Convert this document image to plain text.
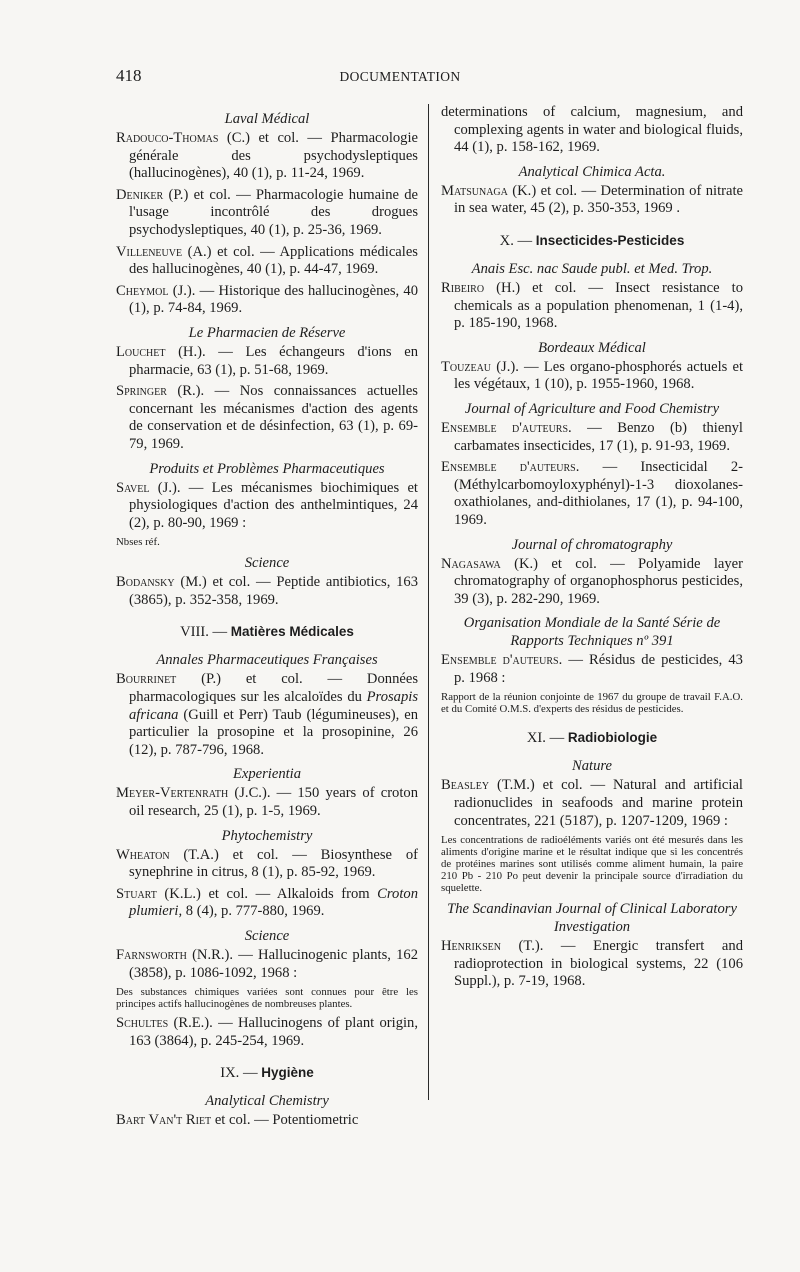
418	DOCUMENTATION
Laval Médical
Radouco-Thomas (C.) et col. — Pharmacologie générale des psychodysleptiques (hallucinogènes), 40 (1), p. 11-24, 1969.
Deniker (P.) et col. — Pharmacologie humaine de l'usage incontrôlé des drogues psychodysleptiques, 40 (1), p. 25-36, 1969.
Villeneuve (A.) et col. — Applications médicales des hallucinogènes, 40 (1), p. 44-47, 1969.
Cheymol (J.). — Historique des hallucinogènes, 40 (1), p. 74-84, 1969.
Le Pharmacien de Réserve
Louchet (H.). — Les échangeurs d'ions en pharmacie, 63 (1), p. 51-68, 1969.
Springer (R.). — Nos connaissances actuelles concernant les mécanismes d'action des agents de conservation et de désinfection, 63 (1), p. 69-79, 1969.
Produits et Problèmes Pharmaceutiques
Savel (J.). — Les mécanismes biochimiques et physiologiques d'action des anthelmintiques, 24 (2), p. 80-90, 1969 :
Nbses réf.
Science
Bodansky (M.) et col. — Peptide antibiotics, 163 (3865), p. 352-358, 1969.
VIII. — Matières Médicales
Annales Pharmaceutiques Françaises
Bourrinet (P.) et col. — Données pharmacologiques sur les alcaloïdes du Prosapis africana (Guill et Perr) Taub (légumineuses), en particulier la prosopine et la prosopinine, 26 (12), p. 787-796, 1968.
Experientia
Meyer-Vertenrath (J.C.). — 150 years of croton oil research, 25 (1), p. 1-5, 1969.
Phytochemistry
Wheaton (T.A.) et col. — Biosynthese of synephrine in citrus, 8 (1), p. 85-92, 1969.
Stuart (K.L.) et col. — Alkaloids from Croton plumieri, 8 (4), p. 777-880, 1969.
Science
Farnsworth (N.R.). — Hallucinogenic plants, 162 (3858), p. 1086-1092, 1968 :
Des substances chimiques variées sont connues pour être les principes actifs hallucinogènes de nombreuses plantes.
Schultes (R.E.). — Hallucinogens of plant origin, 163 (3864), p. 245-254, 1969.
IX. — Hygiène
Analytical Chemistry
Bart Van't Riet et col. — Potentiometric
determinations of calcium, magnesium, and complexing agents in water and biological fluids, 44 (1), p. 158-162, 1969.
Analytical Chimica Acta.
Matsunaga (K.) et col. — Determination of nitrate in sea water, 45 (2), p. 350-353, 1969 .
X. — Insecticides-Pesticides
Anais Esc. nac Saude publ. et Med. Trop.
Ribeiro (H.) et col. — Insect resistance to chemicals as a population phenomenan, 1 (1-4), p. 185-190, 1968.
Bordeaux Médical
Touzeau (J.). — Les organo-phosphorés actuels et les végétaux, 1 (10), p. 1955-1960, 1968.
Journal of Agriculture and Food Chemistry
Ensemble d'auteurs. — Benzo (b) thienyl carbamates insecticides, 17 (1), p. 91-93, 1969.
Ensemble d'auteurs. — Insecticidal 2-(Méthylcarbomoyloxyphényl)-1-3 dioxolanes-oxathiolanes, and-dithiolanes, 17 (1), p. 94-100, 1969.
Journal of chromatography
Nagasawa (K.) et col. — Polyamide layer chromatography of organophosphorus pesticides, 39 (3), p. 282-290, 1969.
Organisation Mondiale de la Santé Série de Rapports Techniques nº 391
Ensemble d'auteurs. — Résidus de pesticides, 43 p. 1968 :
Rapport de la réunion conjointe de 1967 du groupe de travail F.A.O. et du Comité O.M.S. d'experts des résidus de pesticides.
XI. — Radiobiologie
Nature
Beasley (T.M.) et col. — Natural and artificial radionuclides in seafoods and marine protein concentrates, 221 (5187), p. 1207-1209, 1969 :
Les concentrations de radioéléments variés ont été mesurés dans les aliments d'origine marine et le résultat indique que si les concentrés de protéines marines sont utilisés comme aliment humain, la paire 210 Pb - 210 Po peut devenir la principale source d'irradiation du squelette.
The Scandinavian Journal of Clinical Laboratory Investigation
Henriksen (T.). — Energic transfert and radioprotection in biological systems, 22 (106 Suppl.), p. 7-19, 1968.
